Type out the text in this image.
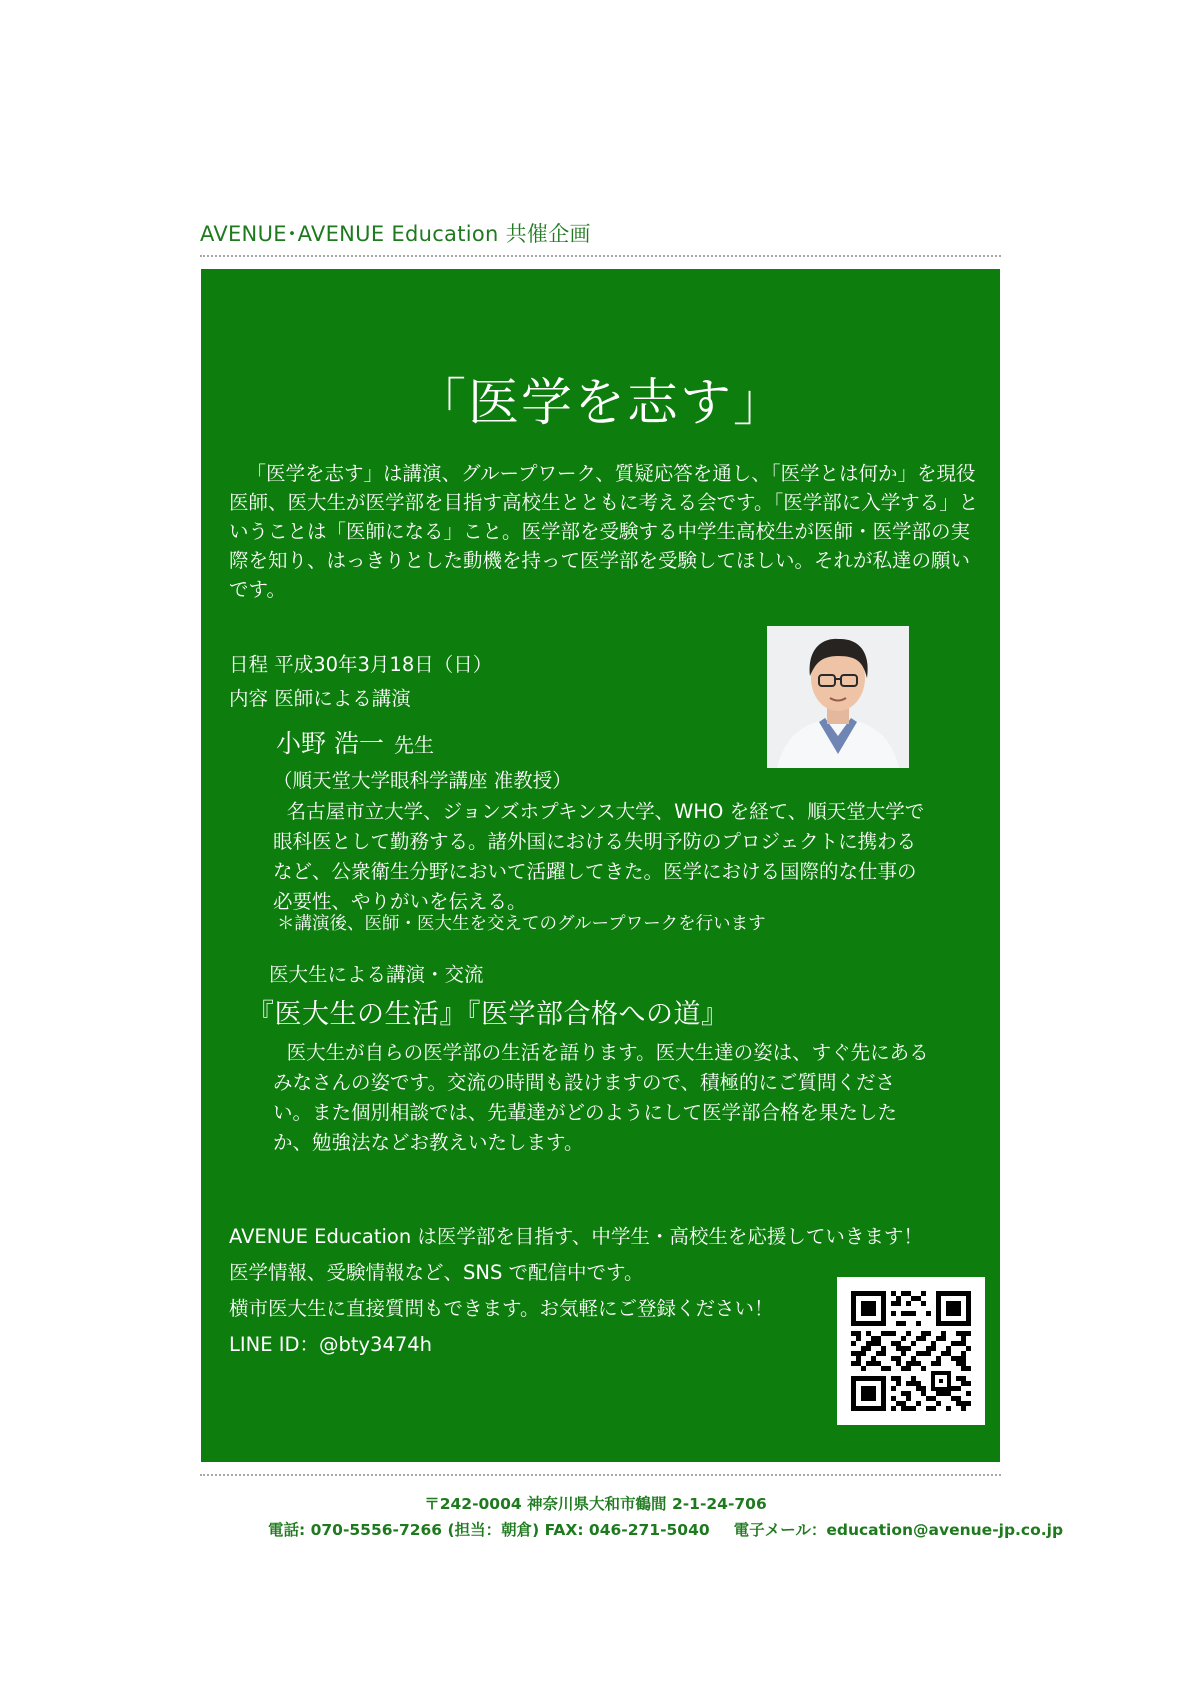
AVENUE･AVENUE Education 共催企画
「医学を志す」

「医学を志す」は講演、グループワーク、質疑応答を通し、「医学とは何か」を現役医師、医大生が医学部を目指す高校生とともに考える会です。「医学部に入学する」ということは「医師になる」こと。医学部を受験する中学生高校生が医師・医学部の実際を知り、はっきりとした動機を持って医学部を受験してほしい。それが私達の願いです。

日程 平成30年3月18日（日）
内容 医師による講演
小野 浩一 先生
（順天堂大学眼科学講座 准教授）

名古屋市立大学、ジョンズホプキンス大学、WHO を経て、順天堂大学で眼科医として勤務する。諸外国における失明予防のプロジェクトに携わるなど、公衆衛生分野において活躍してきた。医学における国際的な仕事の必要性、やりがいを伝える。

＊講演後、医師・医大生を交えてのグループワークを行います
医大生による講演・交流
『医大生の生活』『医学部合格への道』

医大生が自らの医学部の生活を語ります。医大生達の姿は、すぐ先にあるみなさんの姿です。交流の時間も設けますので、積極的にご質問ください。また個別相談では、先輩達がどのようにして医学部合格を果たしたか、勉強法などお教えいたします。

AVENUE Education は医学部を目指す、中学生・高校生を応援していきます！
医学情報、受験情報など、SNS で配信中です。
横市医大生に直接質問もできます。お気軽にご登録ください！
LINE ID：@bty3474h
〒242-0004 神奈川県大和市鶴間 2-1-24-706
電話: 070-5556-7266 (担当：朝倉) FAX: 046-271-5040 電子メール：education@avenue-jp.co.jp
